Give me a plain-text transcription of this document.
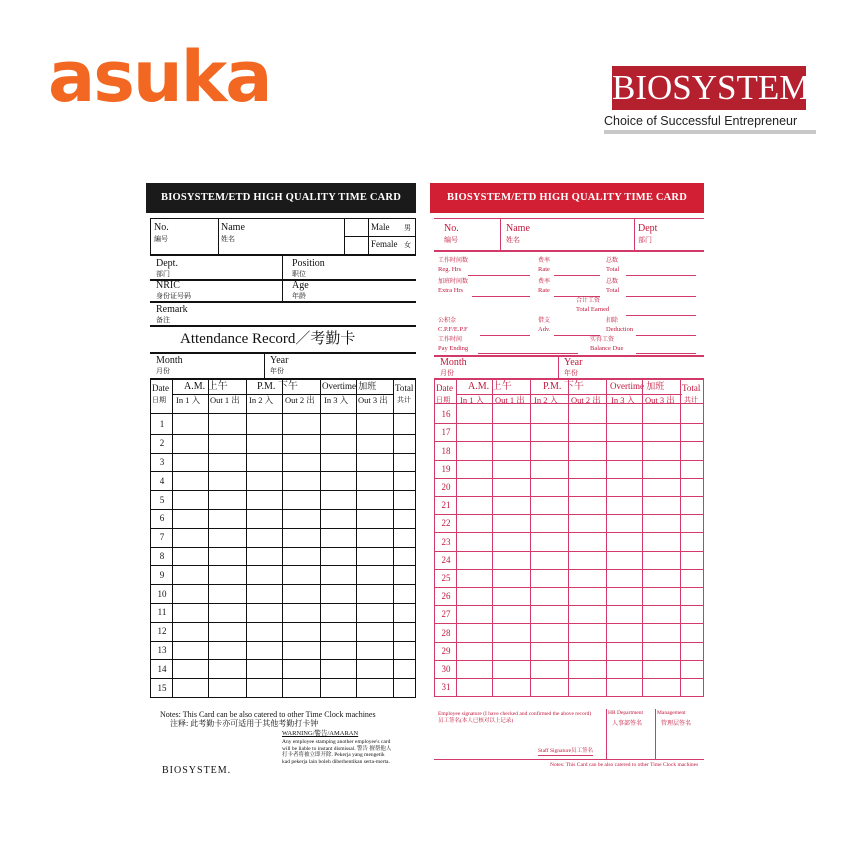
asuka	BIOSYSTEM®
Choice of Successful Entrepreneur
BIOSYSTEM/ETD HIGH QUALITY TIME CARD
No.
編号
Name
姓名
Male 男
Female 女
Dept.
部门
Position
职位
NRIC
身份证号码
Age
年龄
Remark
备注
Attendance Record／考勤卡
Month
月份
Year
年份
Date
日期
A.M. 上午	P.M. 下午	Overtime 加班 Total
共计
In 1 入 Out 1 出 In 2 入 Out 2 出 In 3 入 Out 3 出
1
2
3
4
5
6
7
8
9
10
11
12
13
14
15
Notes: This Card can be also catered to other Time Clock machines
注释: 此考勤卡亦可适用于其他考勤打卡钟
WARNING/警告/AMARAN
Any employee stamping another employee's card will be liable to instant dismissal. 警告 擅帮他人打卡者将被立即开除. Pekerja yang mengetik kad pekerja lain boleh diberhentikan serta-merta.
BIOSYSTEM.
BIOSYSTEM/ETD HIGH QUALITY TIME CARD
No.
编号
Name
姓名
Dept
部门
工作时间数
Reg. Hrs
费率
Rate
总数
Total
加班时间数
Extra Hrs
费率
Rate
总数
Total
合计工资
Total Earned
公积金
C.P.F/E.P.F
借支
Adv.
扣除
Deduction
工作时间
Pay Ending
实得工资
Balance Due
Month
月份
Year
年份
Date
日期
A.M. 上午	P.M. 下午	Overtime 加班 Total
共计
In 1 入 Out 1 出 In 2 入 Out 2 出 In 3 入 Out 3 出
16
17
18
19
20
21
22
23
24
25
26
27
28
29
30
31
Employee signature (I have checked and confirmed the above record)
员工签名(本人已核对以上记录)
HR Department
人事部签名
Management
管理层签名
Staff Signature员工签名
Notes: This Card can be also catered to other Time Clock machines
